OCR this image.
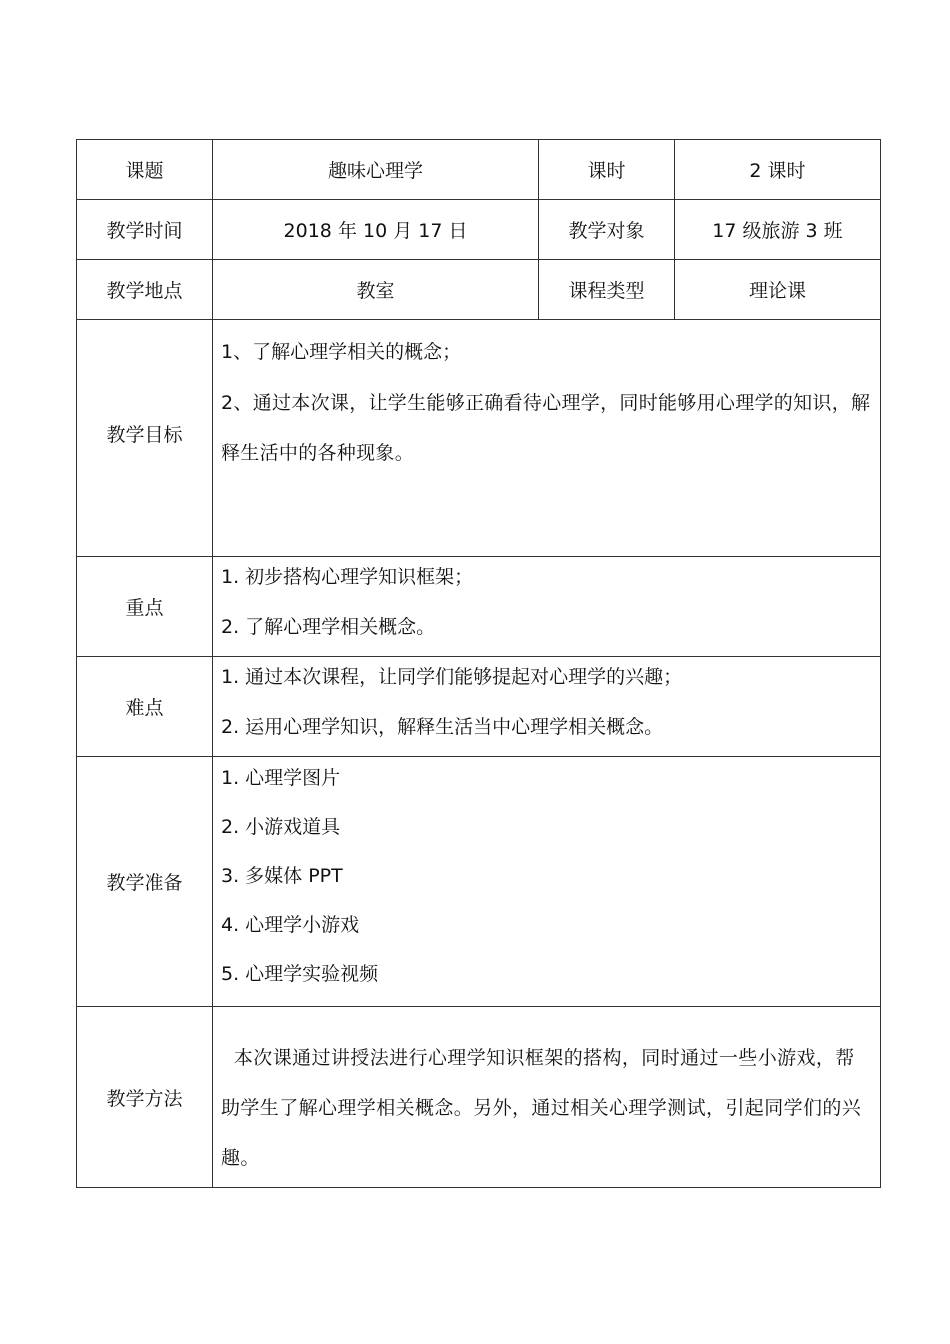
课题	趣味心理学	课时	2 课时
教学时间	2018 年 10 月 17 日	教学对象	17 级旅游 3 班
教学地点	教室	课程类型	理论课
教学目标	1、了解心理学相关的概念；
2、通过本次课，让学生能够正确看待心理学，同时能够用心理学的知识，解释生活中的各种现象。		

重点	1. 初步搭构心理学知识框架；
2. 了解心理学相关概念。		

难点	1. 通过本次课程，让同学们能够提起对心理学的兴趣；
2. 运用心理学知识，解释生活当中心理学相关概念。		

教学准备	1. 心理学图片
2. 小游戏道具
3. 多媒体 PPT
4. 心理学小游戏
5. 心理学实验视频		

教学方法	本次课通过讲授法进行心理学知识框架的搭构，同时通过一些小游戏，帮助学生了解心理学相关概念。另外，通过相关心理学测试，引起同学们的兴趣。		
